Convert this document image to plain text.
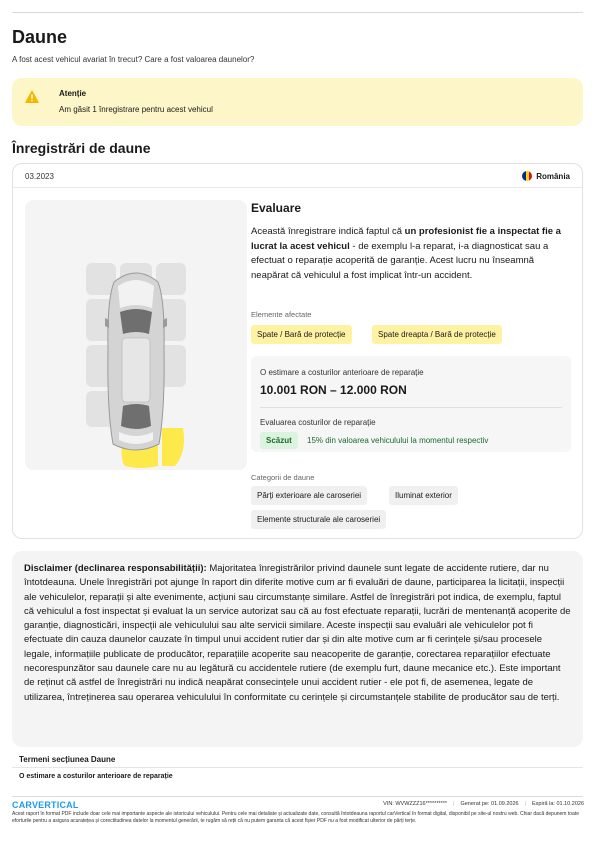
Daune

A fost acest vehicul avariat în trecut? Care a fost valoarea daunelor?

Atenție
Am găsit 1 înregistrare pentru acest vehicul
Înregistrări de daune
03.2023	România
Evaluare
Această înregistrare indică faptul că un profesionist fie a inspectat fie a lucrat la acest vehicul - de exemplu l-a reparat, i-a diagnosticat sau a efectuat o reparație acoperită de garanție. Acest lucru nu înseamnă neapărat că vehiculul a fost implicat într-un accident.
Elemente afectate
Spate / Bară de protecție	Spate dreapta / Bară de protecție
O estimare a costurilor anterioare de reparație
10.001 RON – 12.000 RON
Evaluarea costurilor de reparație
Scăzut	15% din valoarea vehiculului la momentul respectiv
Categorii de daune
Părți exterioare ale caroseriei	Iluminat exterior
Elemente structurale ale caroseriei

Disclaimer (declinarea responsabilității): Majoritatea înregistrărilor privind daunele sunt legate de accidente rutiere, dar nu întotdeauna. Unele înregistrări pot ajunge în raport din diferite motive cum ar fi evaluări de daune, participarea la licitații, inspecții ale vehiculelor, reparații și alte evenimente, acțiuni sau circumstanțe similare. Astfel de înregistrări pot indica, de exemplu, faptul că vehiculul a fost inspectat și evaluat la un service autorizat sau că au fost efectuate reparații, lucrări de mentenanță acoperite de garanție, diagnosticări, inspecții ale vehiculului sau alte servicii similare. Aceste inspecții sau evaluări ale vehiculelor pot fi efectuate din cauza daunelor cauzate în timpul unui accident rutier dar și din alte motive cum ar fi cerințele și/sau procesele legale, informațiile publicate de producător, reparațiile acoperite sau neacoperite de garanție, corectarea reparațiilor efectuate necorespunzător sau daunele care nu au legătură cu accidentele rutiere (de exemplu furt, daune mecanice etc.). Este important de reținut că astfel de înregistrări nu indică neapărat consecințele unui accident rutier - ele pot fi, de asemenea, legate de utilizarea, întreținerea sau operarea vehiculului în conformitate cu cerințele și circumstanțele stabilite de producător sau de terți.

Termeni secțiunea Daune
O estimare a costurilor anterioare de reparație
CARVERTICAL	VIN: WVWZZZ16********** | Generat pe: 01.09.2026 | Expiră la: 01.10.2026

Acest raport în format PDF include doar cele mai importante aspecte ale istoricului vehiculului. Pentru cele mai detaliate și actualizate date, consultă întotdeauna raportul carVertical în format digital, disponibil pe site-ul nostru web. Chiar dacă depunem toate eforturile pentru a asigura acuratețea și corectitudinea datelor la momentul generării, te rugăm să reții că nu putem garanta că acest fișier PDF nu a fost modificat ulterior de părți terțe.
